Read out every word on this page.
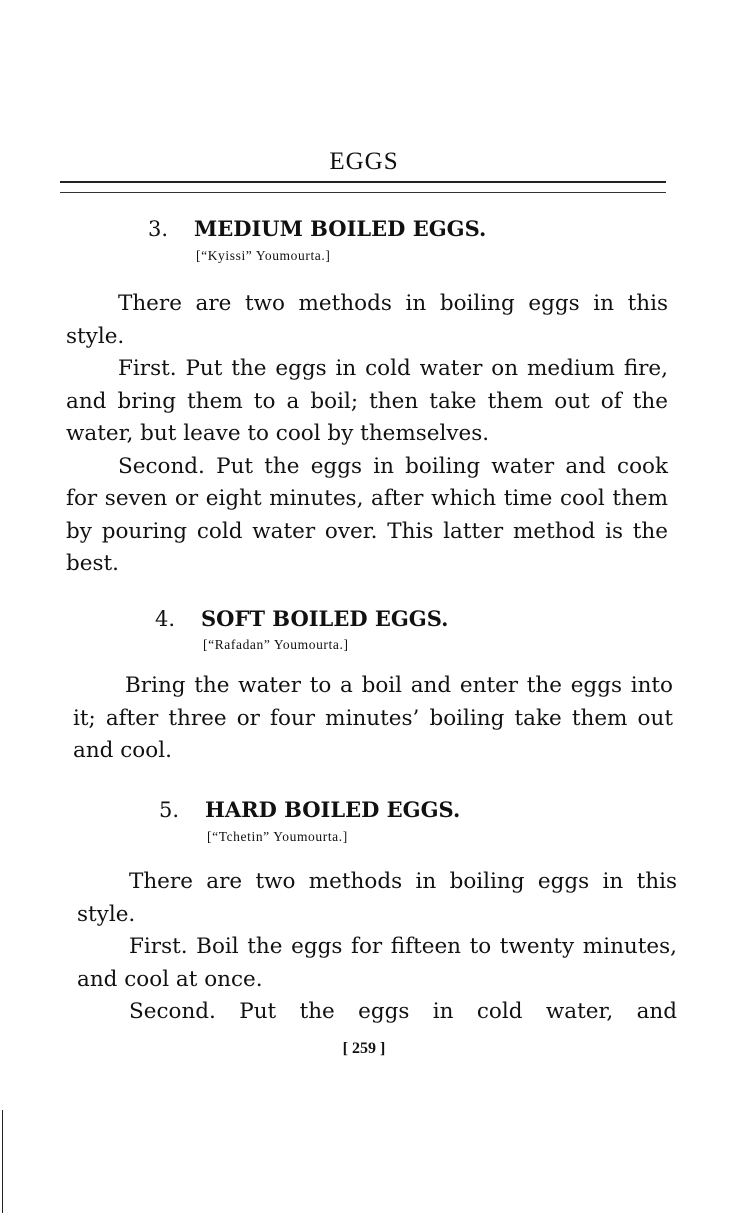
EGGS
3. MEDIUM BOILED EGGS.
[“Kyissi” Youmourta.]

There are two methods in boiling eggs in this style.

First. Put the eggs in cold water on medium fire, and bring them to a boil; then take them out of the water, but leave to cool by themselves.

Second. Put the eggs in boiling water and cook for seven or eight minutes, after which time cool them by pouring cold water over. This latter method is the best.

4. SOFT BOILED EGGS.
[“Rafadan” Youmourta.]

Bring the water to a boil and enter the eggs into it; after three or four minutes’ boiling take them out and cool.

5. HARD BOILED EGGS.
[“Tchetin” Youmourta.]

There are two methods in boiling eggs in this style.

First. Boil the eggs for fifteen to twenty minutes, and cool at once.

Second. Put the eggs in cold water, and

[ 259 ]
